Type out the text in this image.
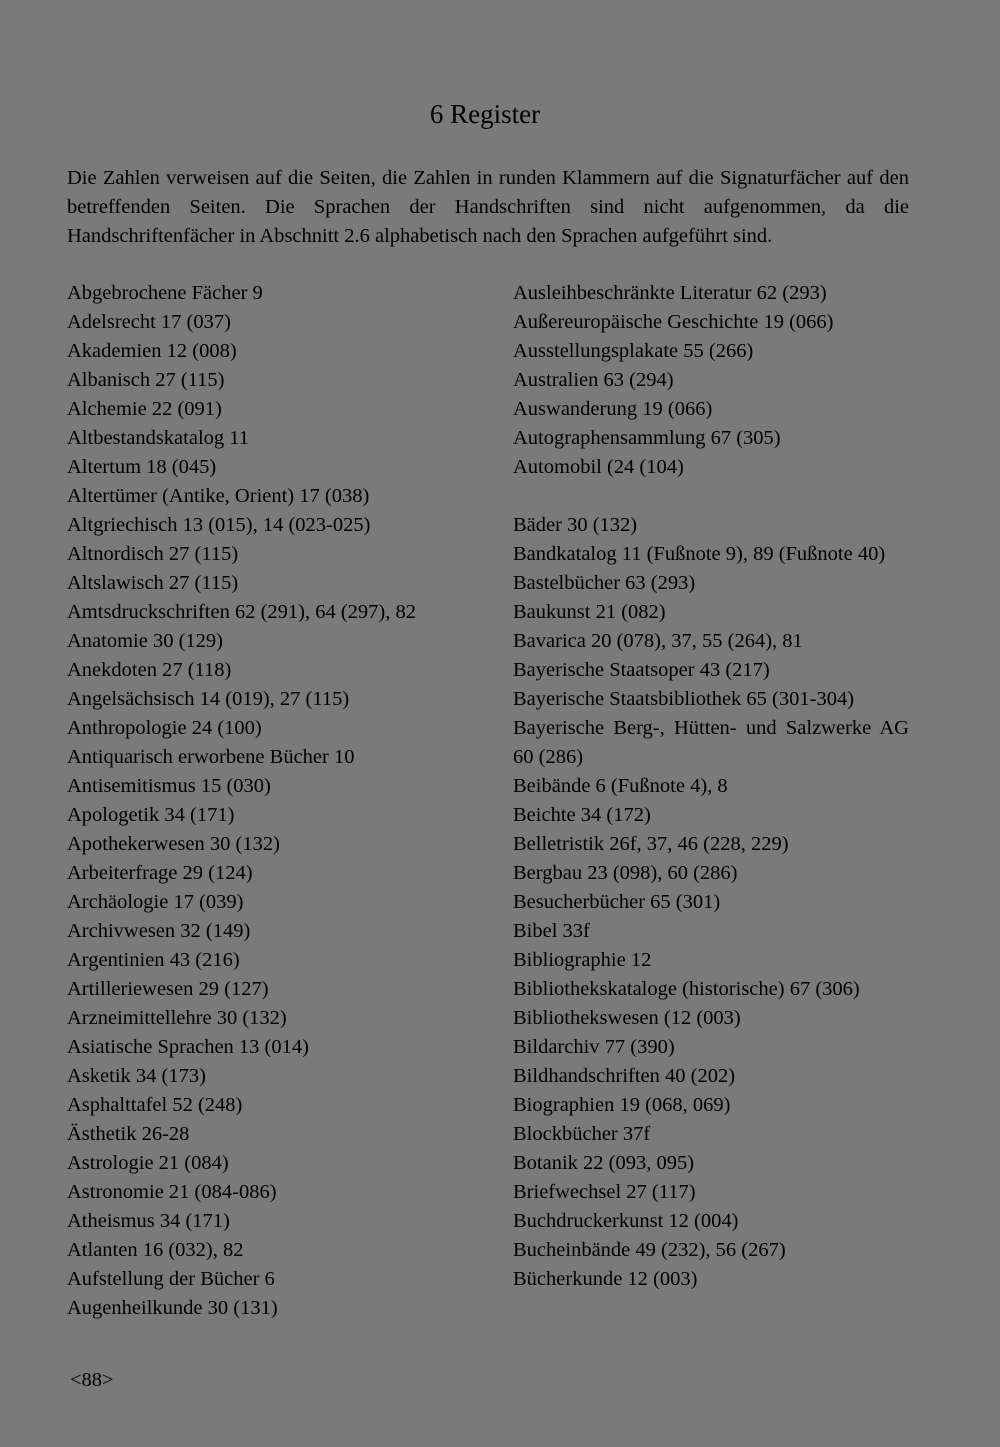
6 Register

Die Zahlen verweisen auf die Seiten, die Zahlen in runden Klammern auf die Signaturfächer auf den betreffenden Seiten. Die Sprachen der Handschriften sind nicht aufgenommen, da die Handschriftenfächer in Abschnitt 2.6 alphabetisch nach den Sprachen aufgeführt sind.

Abgebrochene Fächer 9
Adelsrecht 17 (037)
Akademien 12 (008)
Albanisch 27 (115)
Alchemie 22 (091)
Altbestandskatalog 11
Altertum 18 (045)
Altertümer (Antike, Orient) 17 (038)
Altgriechisch 13 (015), 14 (023-025)
Altnordisch 27 (115)
Altslawisch 27 (115)
Amtsdruckschriften 62 (291), 64 (297), 82
Anatomie 30 (129)
Anekdoten 27 (118)
Angelsächsisch 14 (019), 27 (115)
Anthropologie 24 (100)
Antiquarisch erworbene Bücher 10
Antisemitismus 15 (030)
Apologetik 34 (171)
Apothekerwesen 30 (132)
Arbeiterfrage 29 (124)
Archäologie 17 (039)
Archivwesen 32 (149)
Argentinien 43 (216)
Artilleriewesen 29 (127)
Arzneimittellehre 30 (132)
Asiatische Sprachen 13 (014)
Asketik 34 (173)
Asphalttafel 52 (248)
Ästhetik 26-28
Astrologie 21 (084)
Astronomie 21 (084-086)
Atheismus 34 (171)
Atlanten 16 (032), 82
Aufstellung der Bücher 6
Augenheilkunde 30 (131)
Ausleihbeschränkte Literatur 62 (293)
Außereuropäische Geschichte 19 (066)
Ausstellungsplakate 55 (266)
Australien 63 (294)
Auswanderung 19 (066)
Autographensammlung 67 (305)
Automobil (24 (104)
Bäder 30 (132)
Bandkatalog 11 (Fußnote 9), 89 (Fußnote 40)
Bastelbücher 63 (293)
Baukunst 21 (082)
Bavarica 20 (078), 37, 55 (264), 81
Bayerische Staatsoper 43 (217)
Bayerische Staatsbibliothek 65 (301-304)
Bayerische Berg-, Hütten- und Salzwerke AG 60 (286)
Beibände 6 (Fußnote 4), 8
Beichte 34 (172)
Belletristik 26f, 37, 46 (228, 229)
Bergbau 23 (098), 60 (286)
Besucherbücher 65 (301)
Bibel 33f
Bibliographie 12
Bibliothekskataloge (historische) 67 (306)
Bibliothekswesen (12 (003)
Bildarchiv 77 (390)
Bildhandschriften 40 (202)
Biographien 19 (068, 069)
Blockbücher 37f
Botanik 22 (093, 095)
Briefwechsel 27 (117)
Buchdruckerkunst 12 (004)
Bucheinbände 49 (232), 56 (267)
Bücherkunde 12 (003)
<88>
